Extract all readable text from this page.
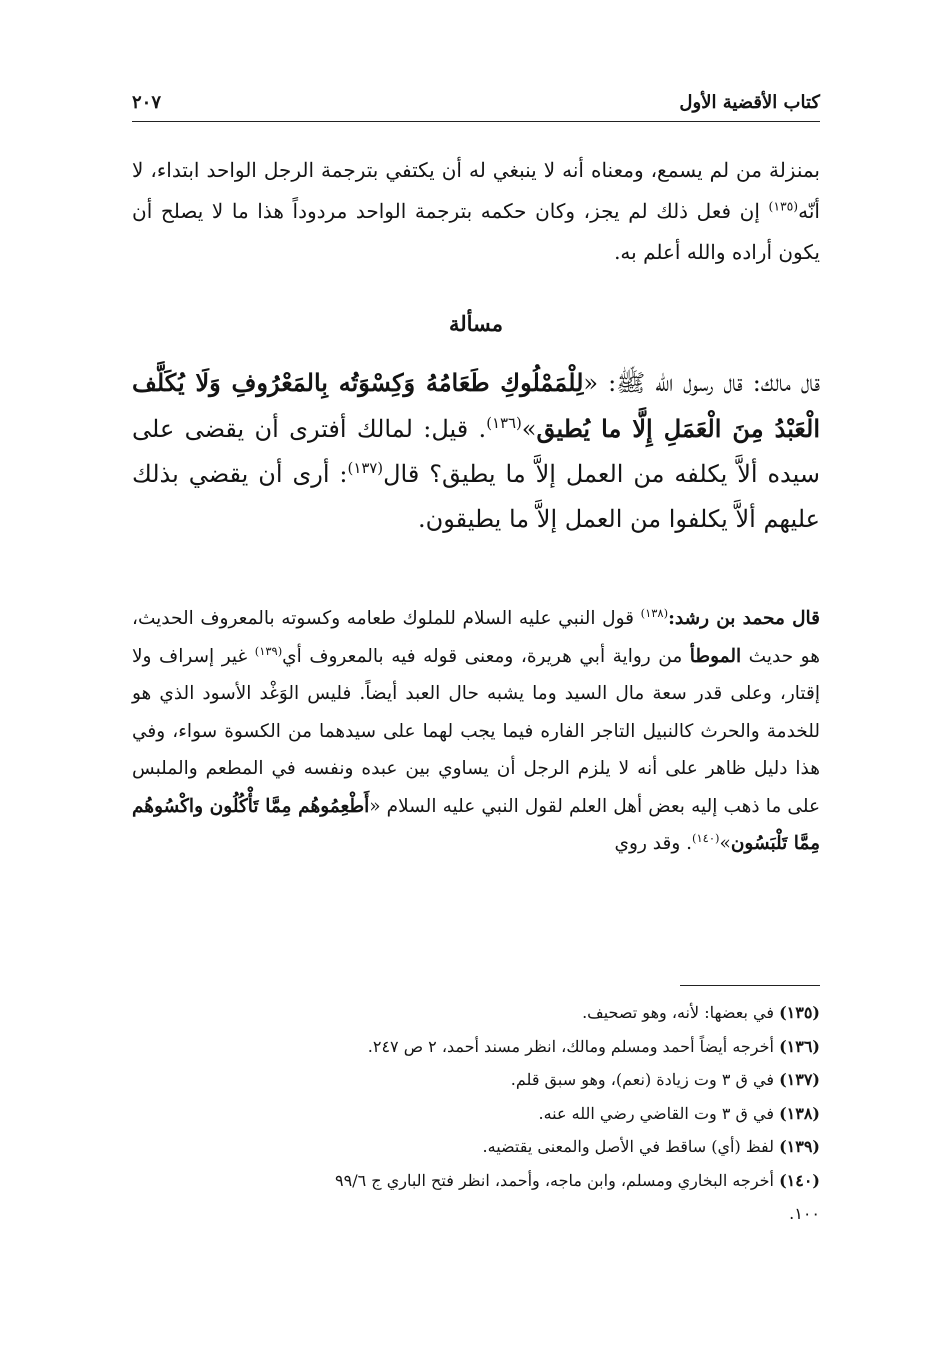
كتاب الأقضية الأول
٢٠٧

بمنزلة من لم يسمع، ومعناه أنه لا ينبغي له أن يكتفي بترجمة الرجل الواحد ابتداء، لا أنّه$^{(١٣٥)}$ إن فعل ذلك لم يجز، وكان حكمه بترجمة الواحد مردوداً هذا ما لا يصلح أن يكون أراده والله أعلم به.

مسألة

قال مالك: قال رسول الله ﷺ: «لِلْمَمْلُوكِ طَعَامُهُ وَكِسْوَتُه بِالمَعْرُوفِ وَلَا يُكَلَّف الْعَبْدُ مِنَ الْعَمَلِ إِلَّا ما يُطيق»$^{(١٣٦)}$. قيل: لمالك أفترى أن يقضى على سيده ألاَّ يكلفه من العمل إلاَّ ما يطيق؟ قال$^{(١٣٧)}$: أرى أن يقضي بذلك عليهم ألاَّ يكلفوا من العمل إلاَّ ما يطيقون.

قال محمد بن رشد:$^{(١٣٨)}$ قول النبي عليه السلام للملوك طعامه وكسوته بالمعروف الحديث، هو حديث الموطأ من رواية أبي هريرة، ومعنى قوله فيه بالمعروف أي$^{(١٣٩)}$ غير إسراف ولا إقتار، وعلى قدر سعة مال السيد وما يشبه حال العبد أيضاً. فليس الوَغْد الأسود الذي هو للخدمة والحرث كالنبيل التاجر الفاره فيما يجب لهما على سيدهما من الكسوة سواء، وفي هذا دليل ظاهر على أنه لا يلزم الرجل أن يساوي بين عبده ونفسه في المطعم والملبس على ما ذهب إليه بعض أهل العلم لقول النبي عليه السلام «أَطْعِمُوهُم مِمَّا تَأْكُلُون واكْسُوهُم مِمَّا تَلْبَسُون»$^{(١٤٠)}$. وقد روي

(١٣٥) في بعضها: لأنه، وهو تصحيف.

(١٣٦) أخرجه أيضاً أحمد ومسلم ومالك، انظر مسند أحمد، ٢ ص ٢٤٧.

(١٣٧) في ق ٣ وت زيادة (نعم)، وهو سبق قلم.

(١٣٨) في ق ٣ وت القاضي رضي الله عنه.

(١٣٩) لفظ (أي) ساقط في الأصل والمعنى يقتضيه.

(١٤٠) أخرجه البخاري ومسلم، وابن ماجه، وأحمد، انظر فتح الباري ج ٩٩/٦

١٠٠.
